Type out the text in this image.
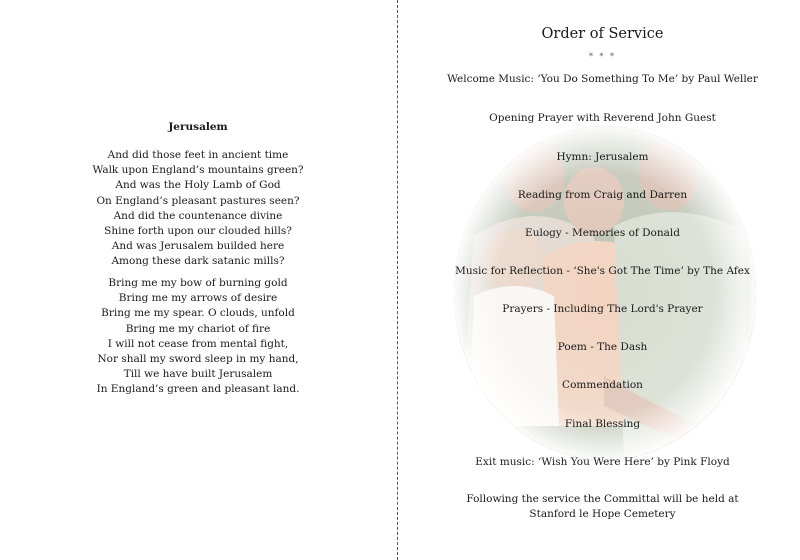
Jerusalem
And did those feet in ancient time
Walk upon England’s mountains green?
And was the Holy Lamb of God
On England’s pleasant pastures seen?
And did the countenance divine
Shine forth upon our clouded hills?
And was Jerusalem builded here
Among these dark satanic mills?
Bring me my bow of burning gold
Bring me my arrows of desire
Bring me my spear. O clouds, unfold
Bring me my chariot of fire
I will not cease from mental fight,
Nor shall my sword sleep in my hand,
Till we have built Jerusalem
In England’s green and pleasant land.
Order of Service
* * *
Welcome Music: ‘You Do Something To Me’ by Paul Weller
Opening Prayer with Reverend John Guest
Hymn: Jerusalem
Reading from Craig and Darren
Eulogy - Memories of Donald
Music for Reflection - ‘She's Got The Time’ by The Afex
Prayers - Including The Lord's Prayer
Poem - The Dash
Commendation
Final Blessing
Exit music: ‘Wish You Were Here’ by Pink Floyd
Following the service the Committal will be held at
Stanford le Hope Cemetery
